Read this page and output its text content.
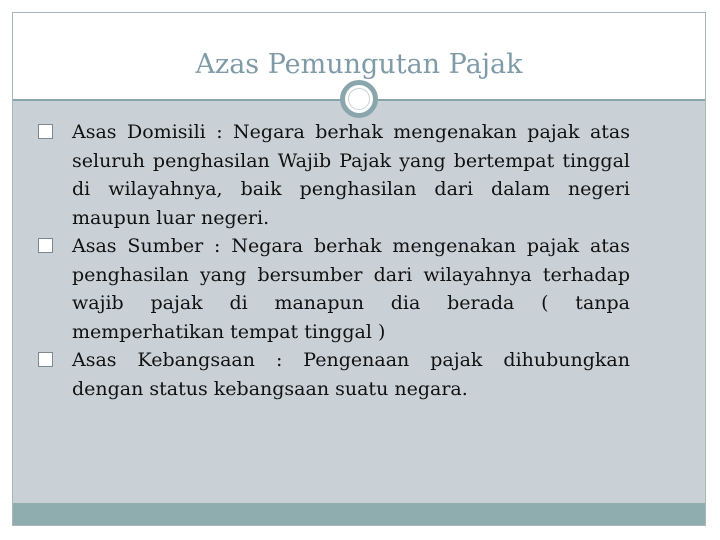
Azas Pemungutan Pajak
Asas Domisili : Negara berhak mengenakan pajak atas seluruh penghasilan Wajib Pajak yang bertempat tinggal di wilayahnya, baik penghasilan dari dalam negeri maupun luar negeri.
Asas Sumber : Negara berhak mengenakan pajak atas penghasilan yang bersumber dari wilayahnya terhadap wajib pajak di manapun dia berada ( tanpa memperhatikan tempat tinggal )
Asas Kebangsaan : Pengenaan pajak dihubungkan dengan status kebangsaan suatu negara.
